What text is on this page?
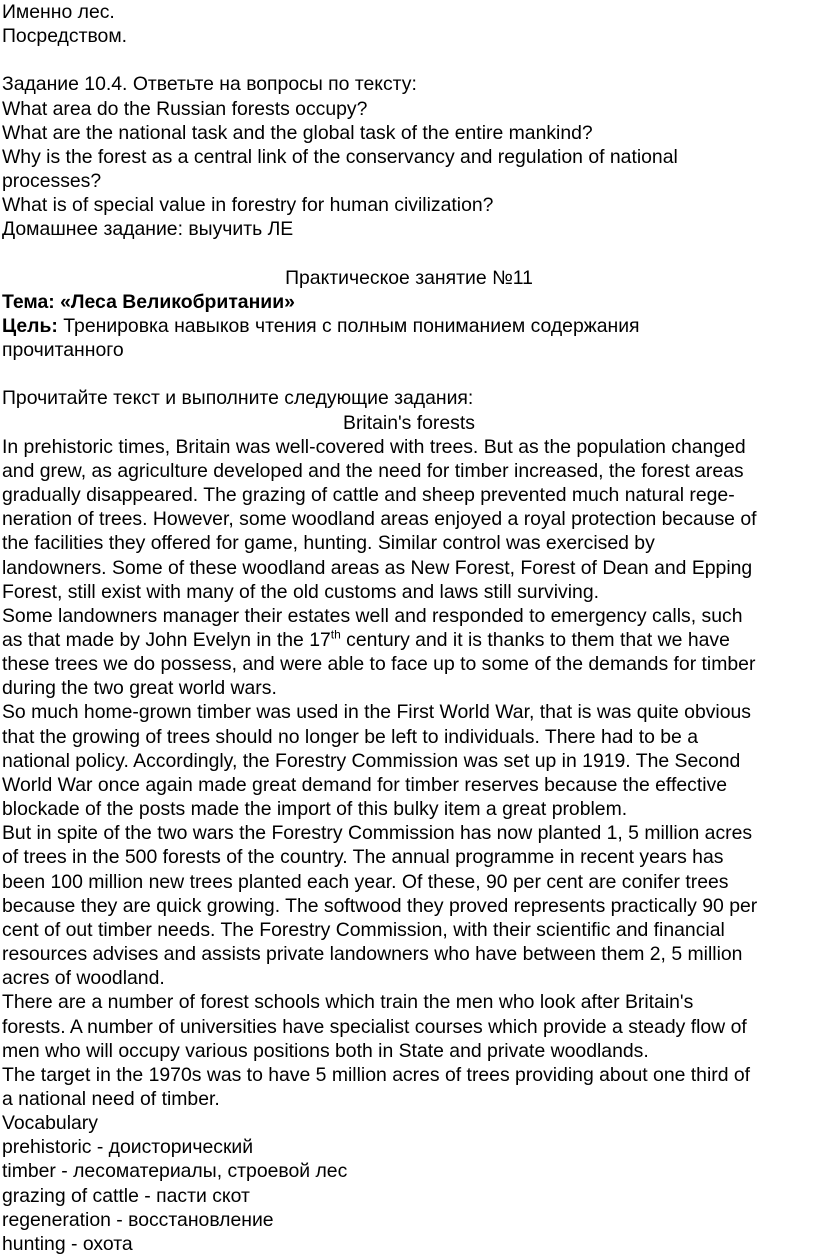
Именно лес.
Посредством.
Задание 10.4. Ответьте на вопросы по тексту:
What area do the Russian forests occupy?
What are the national task and the global task of the entire mankind?
Why is the forest as a central link of the conservancy and regulation of national
processes?
What is of special value in forestry for human civilization?
Домашнее задание: выучить ЛЕ
Практическое занятие №11
Тема: «Леса Великобритании»
Цель: Тренировка навыков чтения с полным пониманием содержания
прочитанного
Прочитайте текст и выполните следующие задания:
Britain's forests
In prehistoric times, Britain was well-covered with trees. But as the population changed
and grew, as agriculture developed and the need for timber increased, the forest areas
gradually disappeared. The grazing of cattle and sheep prevented much natural rege-
neration of trees. However, some woodland areas enjoyed a royal protection because of
the facilities they offered for game, hunting. Similar control was exercised by
landowners. Some of these woodland areas as New Forest, Forest of Dean and Epping
Forest, still exist with many of the old customs and laws still surviving.
Some landowners manager their estates well and responded to emergency calls, such
as that made by John Evelyn in the 17th century and it is thanks to them that we have
these trees we do possess, and were able to face up to some of the demands for timber
during the two great world wars.
So much home-grown timber was used in the First World War, that is was quite obvious
that the growing of trees should no longer be left to individuals. There had to be a
national policy. Accordingly, the Forestry Commission was set up in 1919. The Second
World War once again made great demand for timber reserves because the effective
blockade of the posts made the import of this bulky item a great problem.
But in spite of the two wars the Forestry Commission has now planted 1, 5 million acres
of trees in the 500 forests of the country. The annual programme in recent years has
been 100 million new trees planted each year. Of these, 90 per cent are conifer trees
because they are quick growing. The softwood they proved represents practically 90 per
cent of out timber needs. The Forestry Commission, with their scientific and financial
resources advises and assists private landowners who have between them 2, 5 million
acres of woodland.
There are a number of forest schools which train the men who look after Britain's
forests. A number of universities have specialist courses which provide a steady flow of
men who will occupy various positions both in State and private woodlands.
The target in the 1970s was to have 5 million acres of trees providing about one third of
a national need of timber.
Vocabulary
prehistoric - доисторический
timber - лесоматериалы, строевой лес
grazing of cattle - пасти скот
regeneration - восстановление
hunting - охота
